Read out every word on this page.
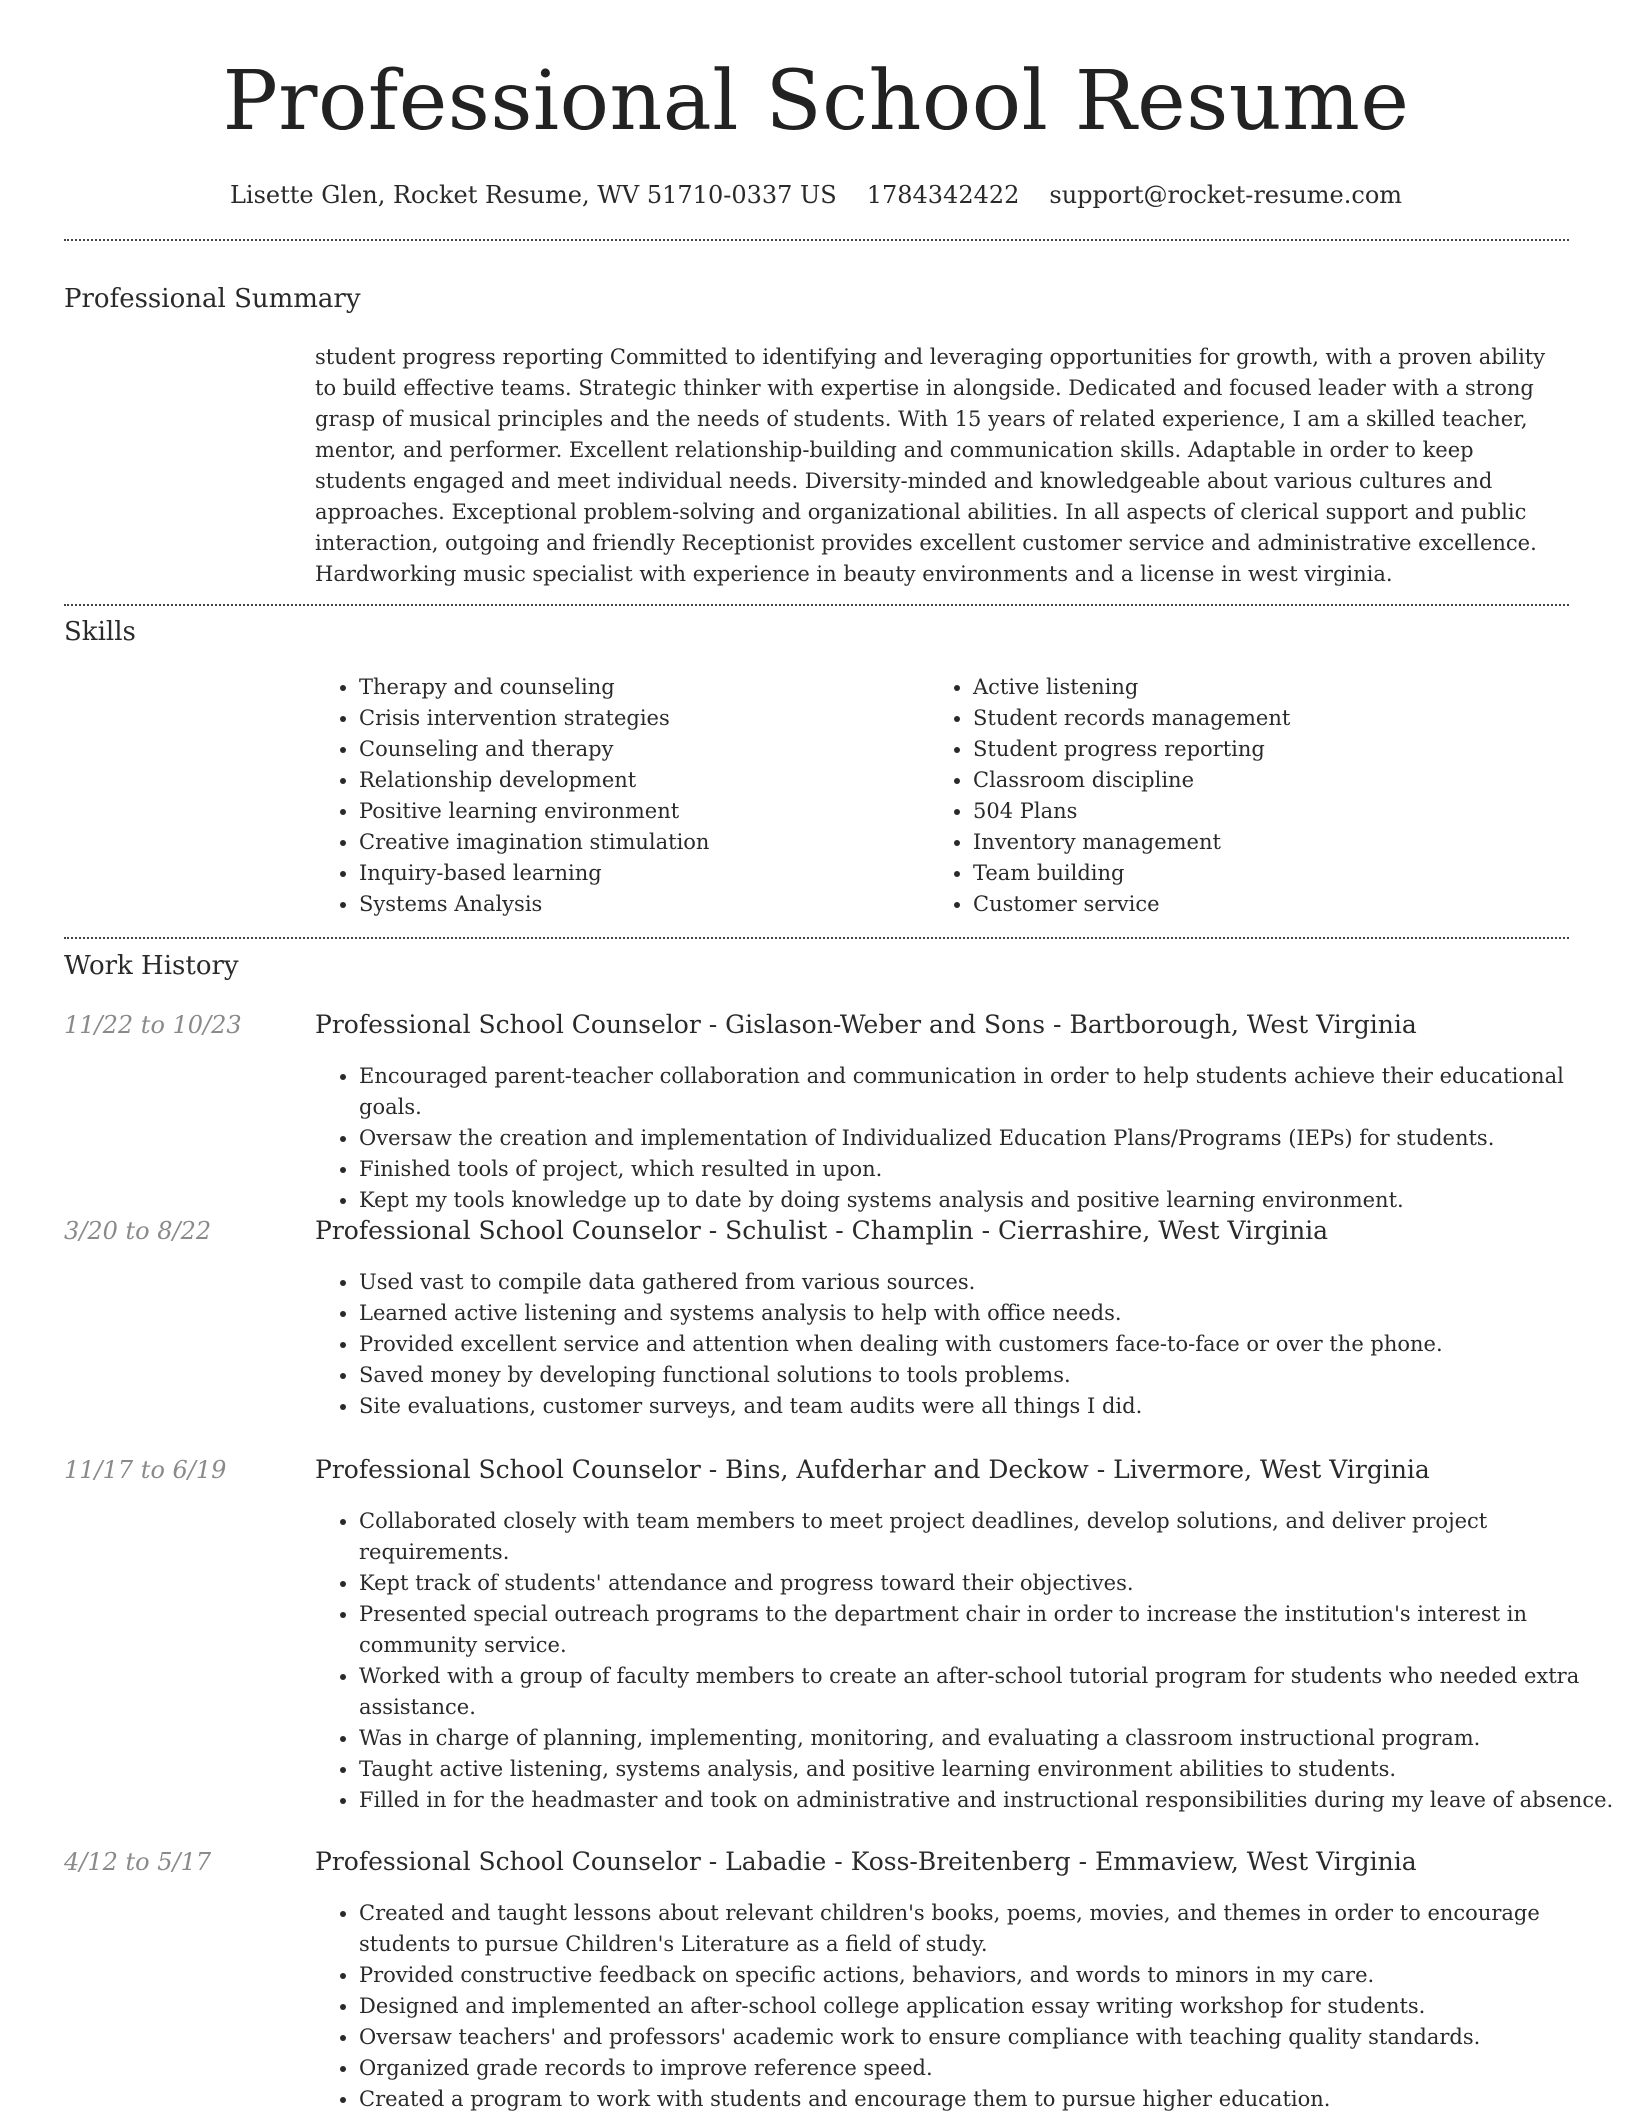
Professional School Resume
Lisette Glen, Rocket Resume, WV 51710-0337 US 1784342422 support@rocket-resume.com
Professional Summary
student progress reporting Committed to identifying and leveraging opportunities for growth, with a proven ability to build effective teams. Strategic thinker with expertise in alongside. Dedicated and focused leader with a strong grasp of musical principles and the needs of students. With 15 years of related experience, I am a skilled teacher, mentor, and performer. Excellent relationship-building and communication skills. Adaptable in order to keep students engaged and meet individual needs. Diversity-minded and knowledgeable about various cultures and approaches. Exceptional problem-solving and organizational abilities. In all aspects of clerical support and public interaction, outgoing and friendly Receptionist provides excellent customer service and administrative excellence. Hardworking music specialist with experience in beauty environments and a license in west virginia.
Skills
• Therapy and counseling
• Crisis intervention strategies
• Counseling and therapy
• Relationship development
• Positive learning environment
• Creative imagination stimulation
• Inquiry-based learning
• Systems Analysis
• Active listening
• Student records management
• Student progress reporting
• Classroom discipline
• 504 Plans
• Inventory management
• Team building
• Customer service
Work History
11/22 to 10/23	Professional School Counselor - Gislason-Weber and Sons - Bartborough, West Virginia
• Encouraged parent-teacher collaboration and communication in order to help students achieve their educational goals.
• Oversaw the creation and implementation of Individualized Education Plans/Programs (IEPs) for students.
• Finished tools of project, which resulted in upon.
• Kept my tools knowledge up to date by doing systems analysis and positive learning environment.
3/20 to 8/22	Professional School Counselor - Schulist - Champlin - Cierrashire, West Virginia
• Used vast to compile data gathered from various sources.
• Learned active listening and systems analysis to help with office needs.
• Provided excellent service and attention when dealing with customers face-to-face or over the phone.
• Saved money by developing functional solutions to tools problems.
• Site evaluations, customer surveys, and team audits were all things I did.
11/17 to 6/19	Professional School Counselor - Bins, Aufderhar and Deckow - Livermore, West Virginia
• Collaborated closely with team members to meet project deadlines, develop solutions, and deliver project requirements.
• Kept track of students' attendance and progress toward their objectives.
• Presented special outreach programs to the department chair in order to increase the institution's interest in community service.
• Worked with a group of faculty members to create an after-school tutorial program for students who needed extra assistance.
• Was in charge of planning, implementing, monitoring, and evaluating a classroom instructional program.
• Taught active listening, systems analysis, and positive learning environment abilities to students.
• Filled in for the headmaster and took on administrative and instructional responsibilities during my leave of absence.
4/12 to 5/17	Professional School Counselor - Labadie - Koss-Breitenberg - Emmaview, West Virginia
• Created and taught lessons about relevant children's books, poems, movies, and themes in order to encourage students to pursue Children's Literature as a field of study.
• Provided constructive feedback on specific actions, behaviors, and words to minors in my care.
• Designed and implemented an after-school college application essay writing workshop for students.
• Oversaw teachers' and professors' academic work to ensure compliance with teaching quality standards.
• Organized grade records to improve reference speed.
• Created a program to work with students and encourage them to pursue higher education.
